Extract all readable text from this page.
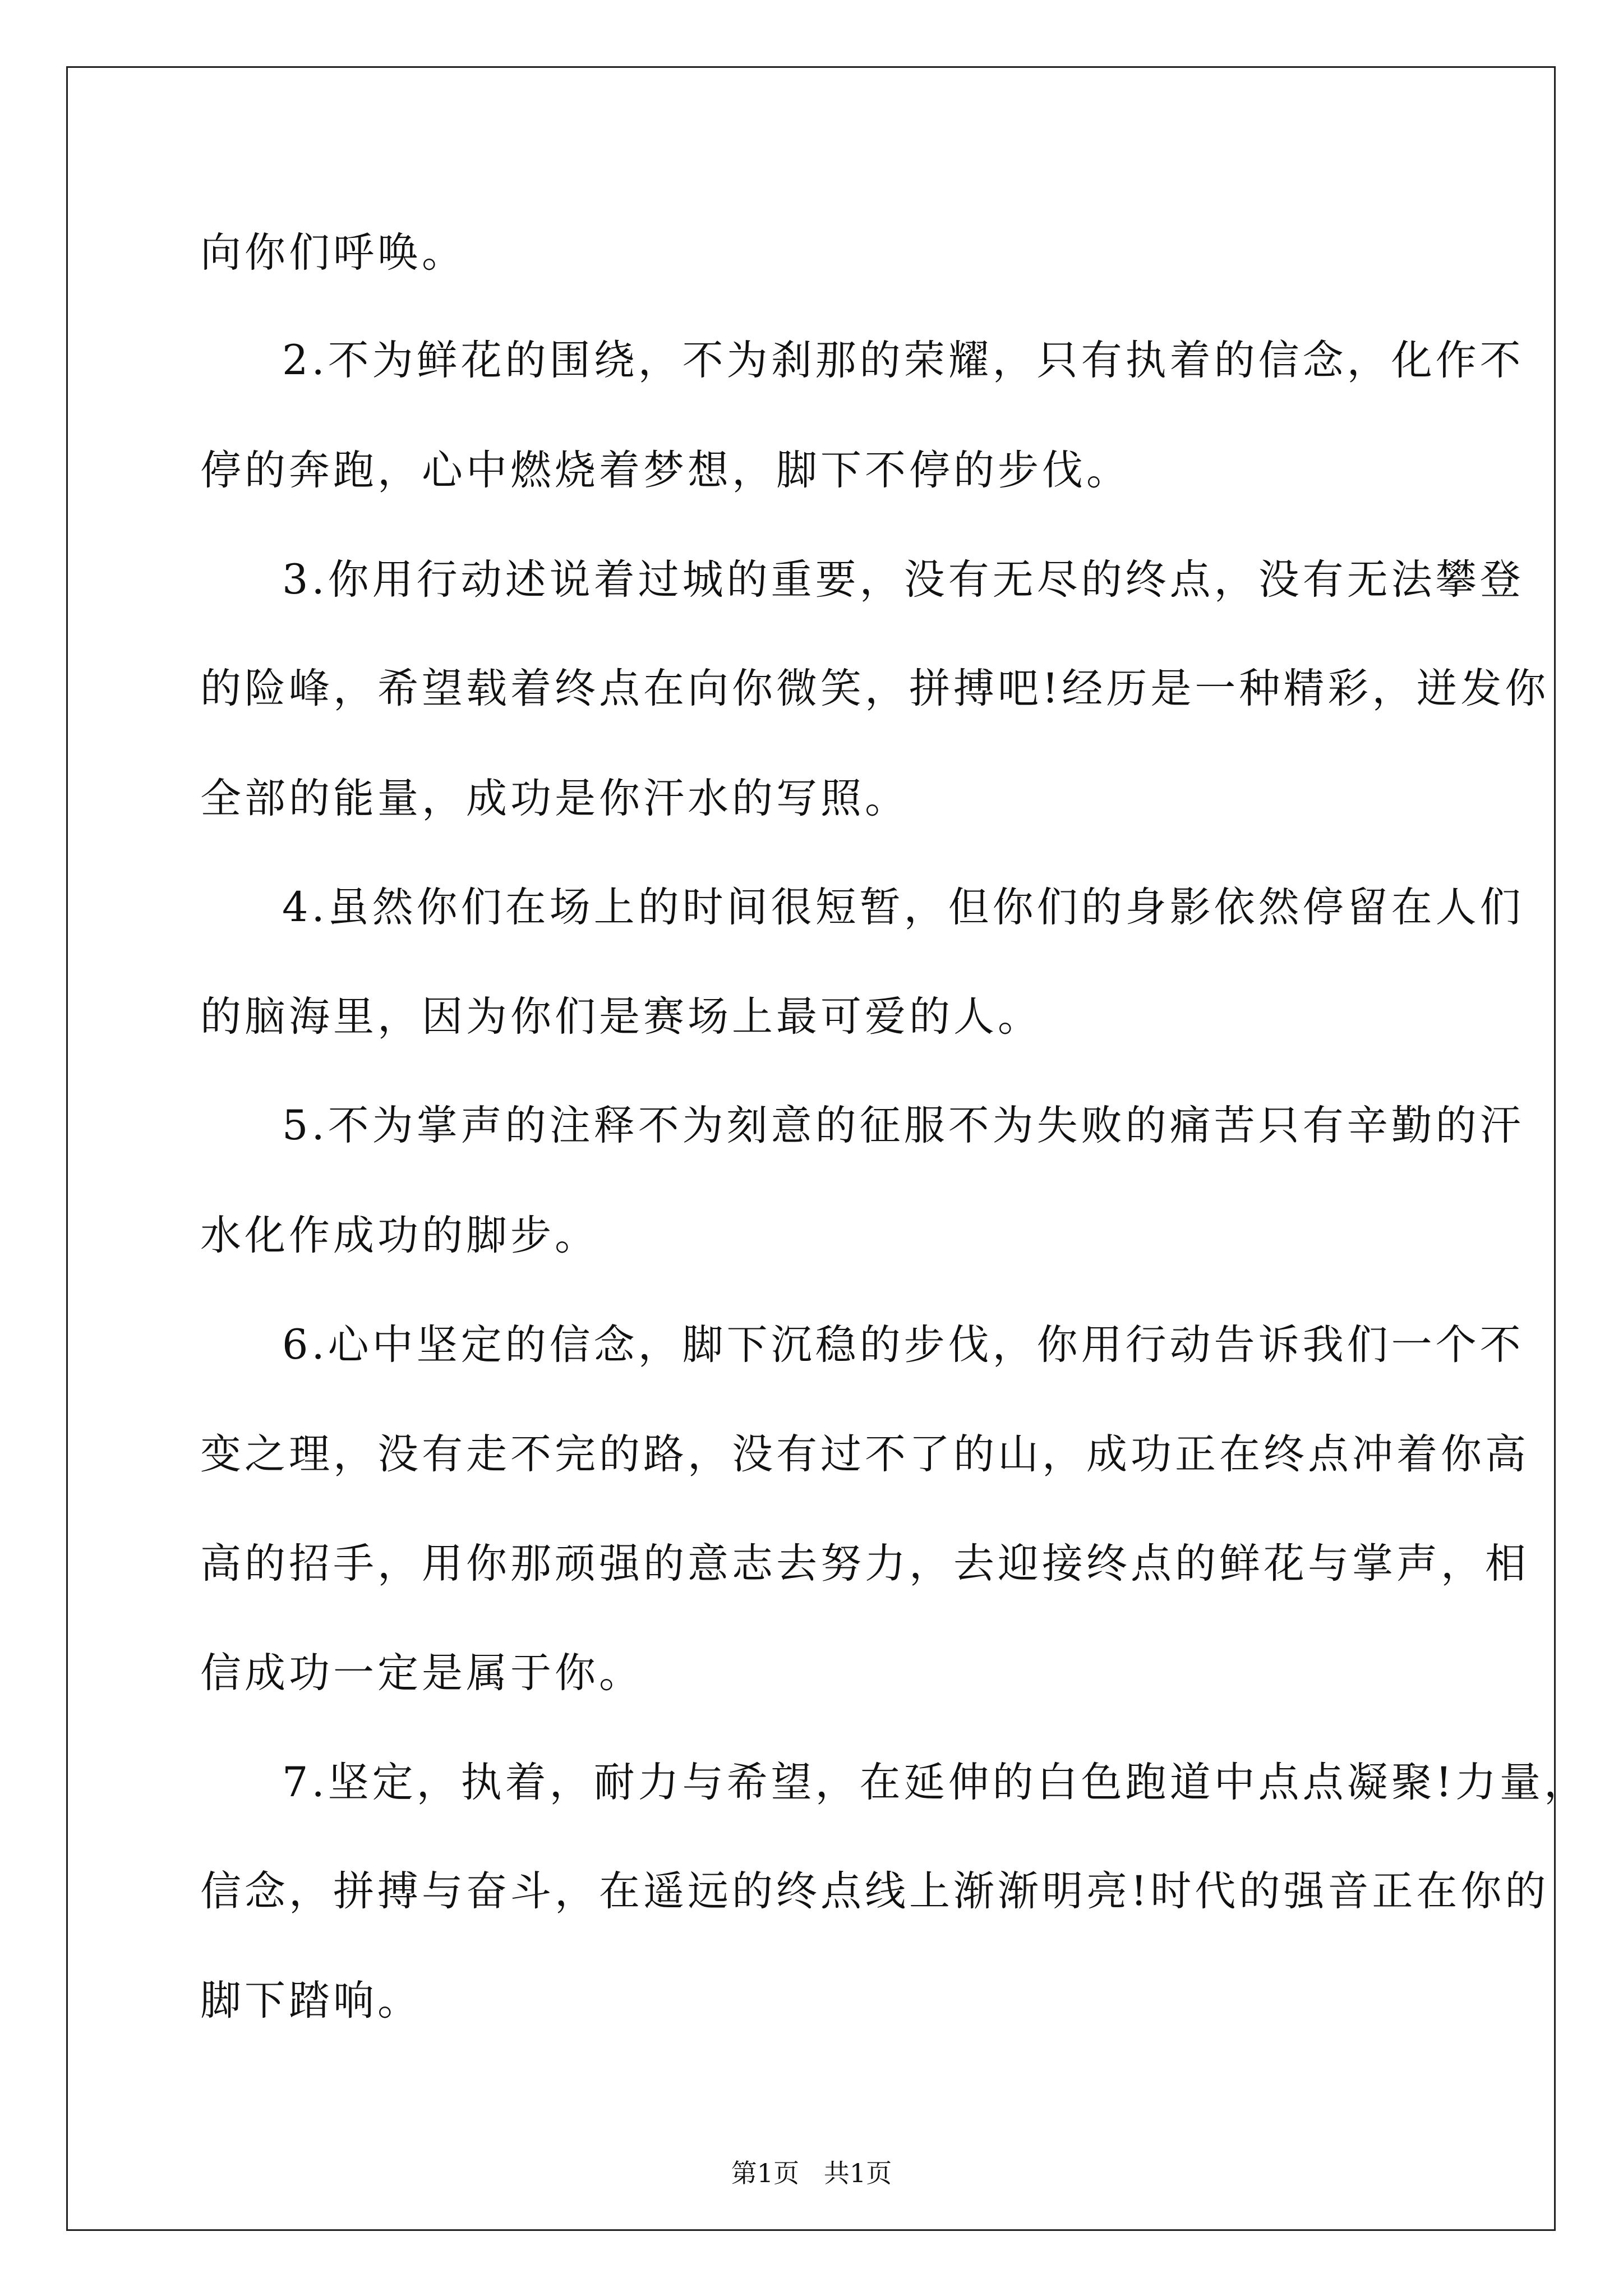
向你们呼唤。
2.不为鲜花的围绕，不为刹那的荣耀，只有执着的信念，化作不
停的奔跑，心中燃烧着梦想，脚下不停的步伐。
3.你用行动述说着过城的重要，没有无尽的终点，没有无法攀登
的险峰，希望载着终点在向你微笑，拼搏吧!经历是一种精彩，迸发你
全部的能量，成功是你汗水的写照。
4.虽然你们在场上的时间很短暂，但你们的身影依然停留在人们
的脑海里，因为你们是赛场上最可爱的人。
5.不为掌声的注释不为刻意的征服不为失败的痛苦只有辛勤的汗
水化作成功的脚步。
6.心中坚定的信念，脚下沉稳的步伐，你用行动告诉我们一个不
变之理，没有走不完的路，没有过不了的山，成功正在终点冲着你高
高的招手，用你那顽强的意志去努力，去迎接终点的鲜花与掌声，相
信成功一定是属于你。
7.坚定，执着，耐力与希望，在延伸的白色跑道中点点凝聚!力量，
信念，拼搏与奋斗，在遥远的终点线上渐渐明亮!时代的强音正在你的
脚下踏响。
第1页   共1页
